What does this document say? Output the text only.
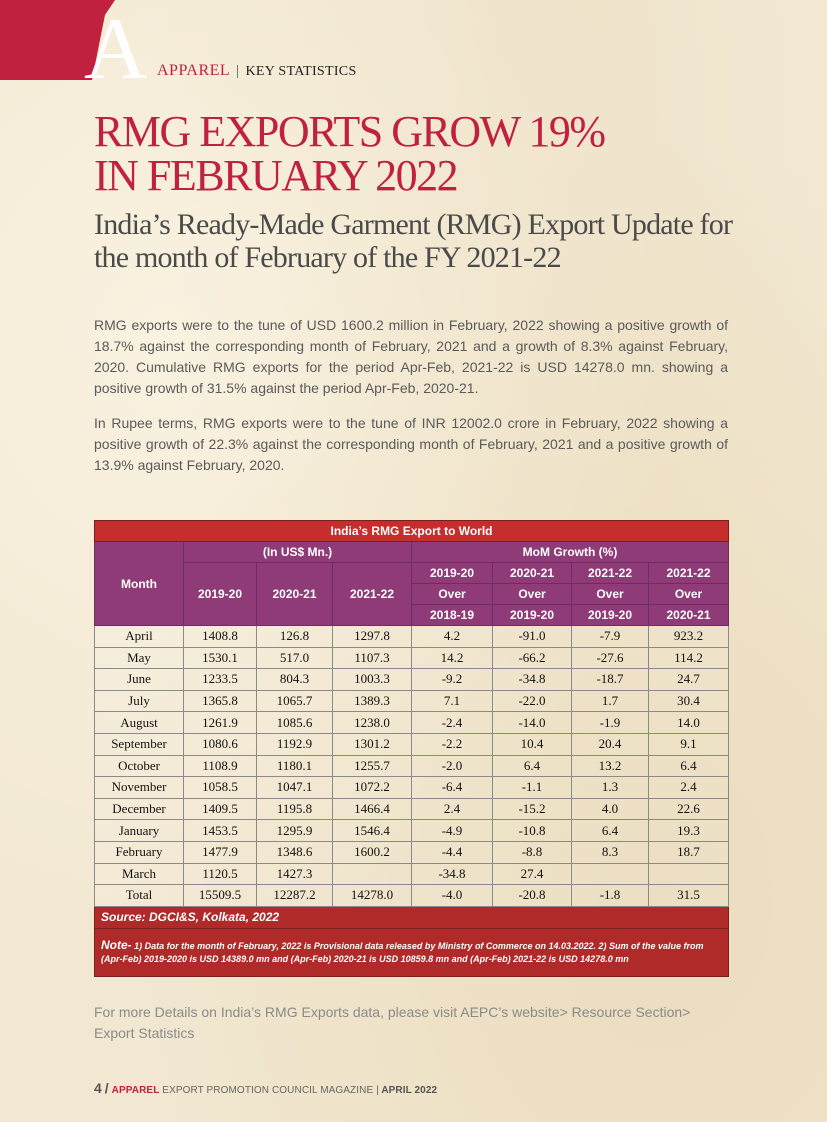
A APPAREL | KEY STATISTICS
RMG EXPORTS GROW 19%
IN FEBRUARY 2022
India’s Ready-Made Garment (RMG) Export Update for the month of February of the FY 2021-22

RMG exports were to the tune of USD 1600.2 million in February, 2022 showing a positive growth of 18.7% against the corresponding month of February, 2021 and a growth of 8.3% against February, 2020. Cumulative RMG exports for the period Apr-Feb, 2021-22 is USD 14278.0 mn. showing a positive growth of 31.5% against the period Apr-Feb, 2020-21.

In Rupee terms, RMG exports were to the tune of INR 12002.0 crore in February, 2022 showing a positive growth of 22.3% against the corresponding month of February, 2021 and a positive growth of 13.9% against February, 2020.

India’s RMG Export to World							
Month	(In US$ Mn.)			MoM Growth (%)			
	2019-20	2020-21	2021-22	2019-20	2020-21	2021-22	2021-22
				Over	Over	Over	Over
				2018-19	2019-20	2019-20	2020-21
April	1408.8	126.8	1297.8	4.2	-91.0	-7.9	923.2
May	1530.1	517.0	1107.3	14.2	-66.2	-27.6	114.2
June	1233.5	804.3	1003.3	-9.2	-34.8	-18.7	24.7
July	1365.8	1065.7	1389.3	7.1	-22.0	1.7	30.4
August	1261.9	1085.6	1238.0	-2.4	-14.0	-1.9	14.0
September	1080.6	1192.9	1301.2	-2.2	10.4	20.4	9.1
October	1108.9	1180.1	1255.7	-2.0	6.4	13.2	6.4
November	1058.5	1047.1	1072.2	-6.4	-1.1	1.3	2.4
December	1409.5	1195.8	1466.4	2.4	-15.2	4.0	22.6
January	1453.5	1295.9	1546.4	-4.9	-10.8	6.4	19.3
February	1477.9	1348.6	1600.2	-4.4	-8.8	8.3	18.7
March	1120.5	1427.3		-34.8	27.4		
Total	15509.5	12287.2	14278.0	-4.0	-20.8	-1.8	31.5
Source: DGCI&S, Kolkata, 2022							
Note- 1) Data for the month of February, 2022 is Provisional data released by Ministry of Commerce on 14.03.2022. 2) Sum of the value from (Apr-Feb) 2019-2020 is USD 14389.0 mn and (Apr-Feb) 2020-21 is USD 10859.8 mn and (Apr-Feb) 2021-22 is USD 14278.0 mn							

For more Details on India’s RMG Exports data, please visit AEPC’s website> Resource Section> Export Statistics

4 / APPAREL EXPORT PROMOTION COUNCIL MAGAZINE | APRIL 2022
